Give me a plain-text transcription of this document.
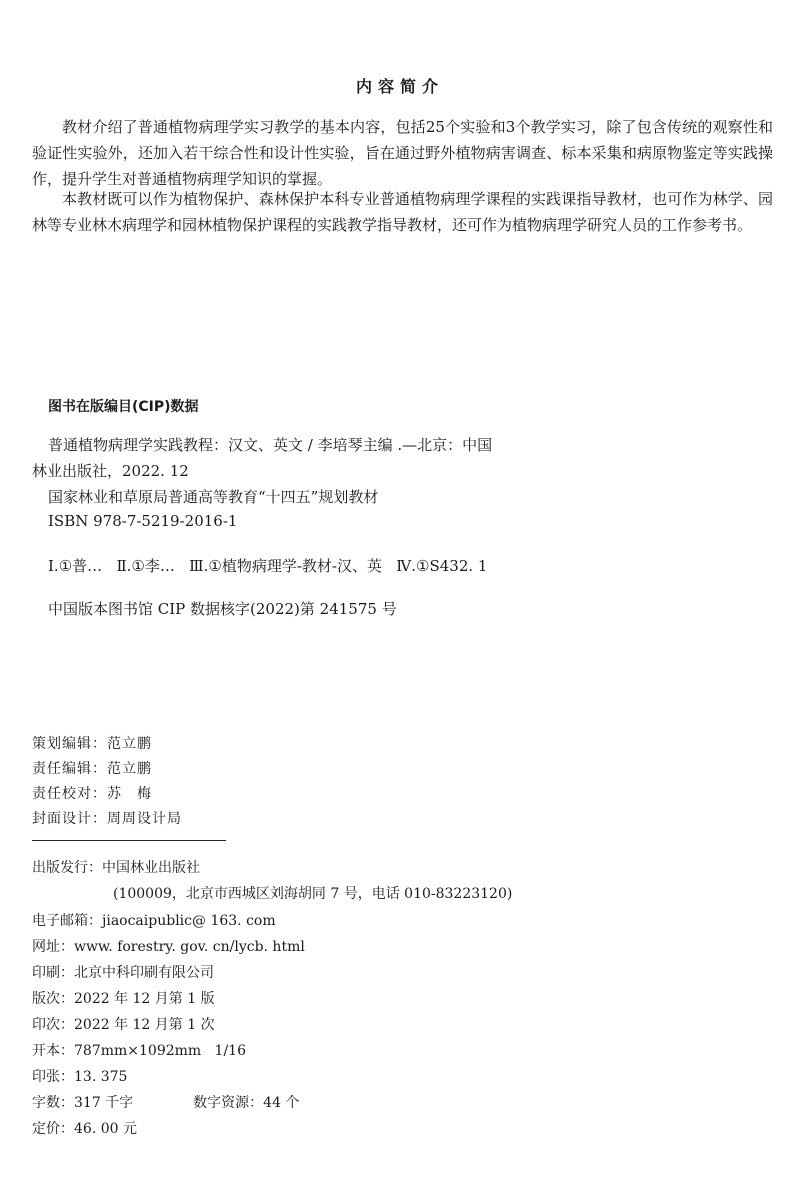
内容简介

教材介绍了普通植物病理学实习教学的基本内容，包括25个实验和3个教学实习，除了包含传统的观察性和验证性实验外，还加入若干综合性和设计性实验，旨在通过野外植物病害调查、标本采集和病原物鉴定等实践操作，提升学生对普通植物病理学知识的掌握。

本教材既可以作为植物保护、森林保护本科专业普通植物病理学课程的实践课指导教材，也可作为林学、园林等专业林木病理学和园林植物保护课程的实践教学指导教材，还可作为植物病理学研究人员的工作参考书。

图书在版编目(CIP)数据
普通植物病理学实践教程：汉文、英文 / 李培琴主编 .—北京：中国
林业出版社，2022. 12
国家林业和草原局普通高等教育“十四五”规划教材
ISBN 978-7-5219-2016-1
Ⅰ.①普…   Ⅱ.①李…   Ⅲ.①植物病理学-教材-汉、英   Ⅳ.①S432. 1
中国版本图书馆 CIP 数据核字(2022)第 241575 号
策划编辑：范立鹏
责任编辑：范立鹏
责任校对：苏　梅
封面设计：周周设计局
出版发行：中国林业出版社
(100009，北京市西城区刘海胡同 7 号，电话 010-83223120)
电子邮箱：jiaocaipublic@ 163. com
网址：www. forestry. gov. cn/lycb. html
印刷：北京中科印刷有限公司
版次：2022 年 12 月第 1 版
印次：2022 年 12 月第 1 次
开本：787mm×1092mm   1/16
印张：13. 375
字数：317 千字	数字资源：44 个
定价：46. 00 元
